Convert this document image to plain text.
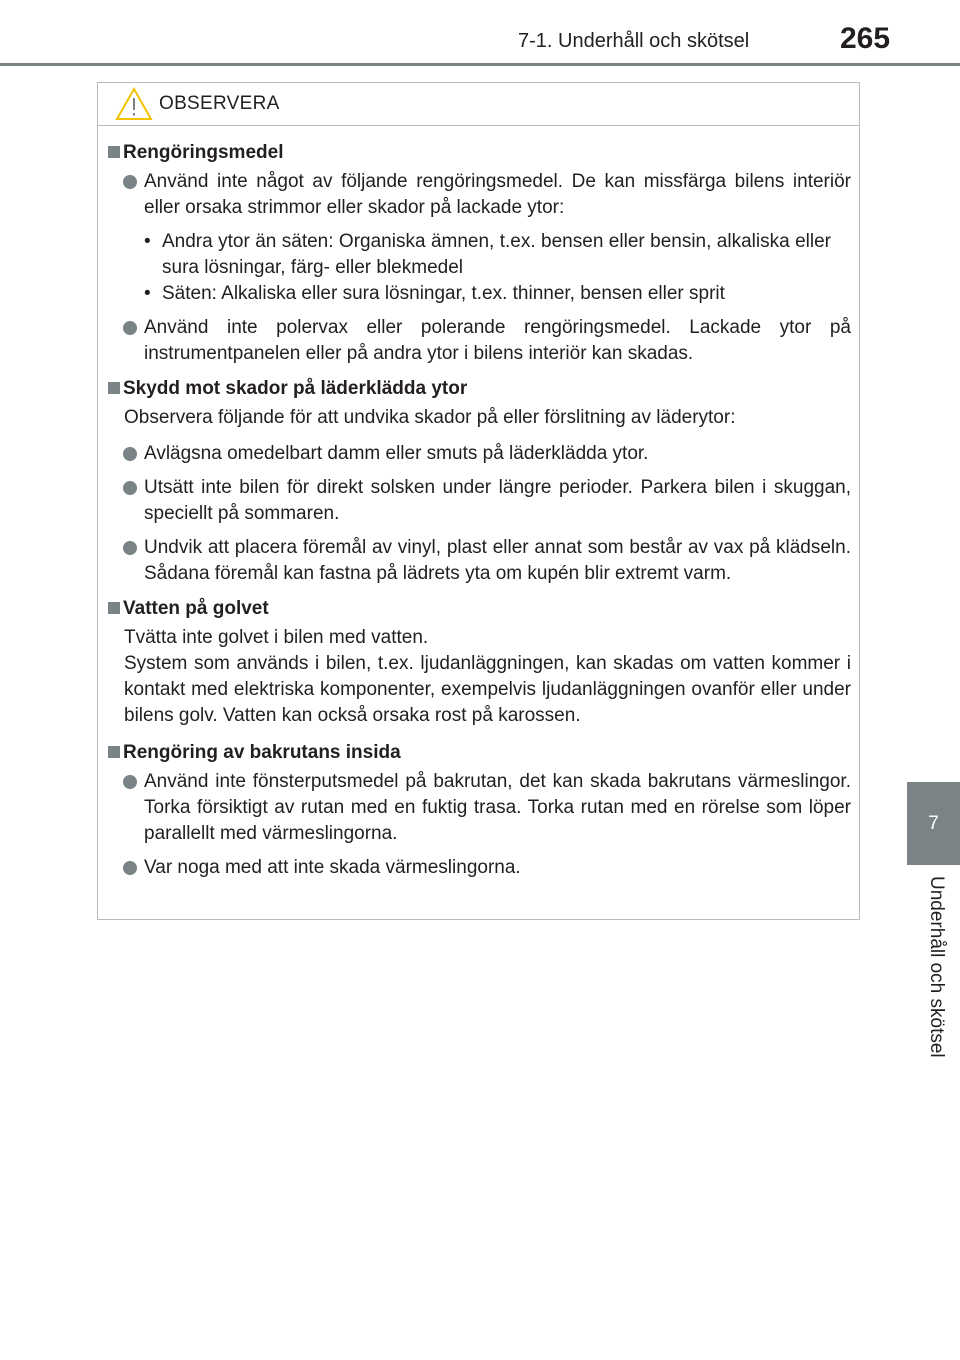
7-1. Underhåll och skötsel	265
7
Underhåll och skötsel
OBSERVERA
Rengöringsmedel
Använd inte något av följande rengöringsmedel. De kan missfärga bilens interiör eller orsaka strimmor eller skador på lackade ytor:
• Andra ytor än säten: Organiska ämnen, t.ex. bensen eller bensin, alkaliska eller sura lösningar, färg- eller blekmedel
• Säten: Alkaliska eller sura lösningar, t.ex. thinner, bensen eller sprit
Använd inte polervax eller polerande rengöringsmedel. Lackade ytor på instrumentpanelen eller på andra ytor i bilens interiör kan skadas.
Skydd mot skador på läderklädda ytor
Observera följande för att undvika skador på eller förslitning av läderytor:
Avlägsna omedelbart damm eller smuts på läderklädda ytor.
Utsätt inte bilen för direkt solsken under längre perioder. Parkera bilen i skuggan, speciellt på sommaren.
Undvik att placera föremål av vinyl, plast eller annat som består av vax på klädseln. Sådana föremål kan fastna på lädrets yta om kupén blir extremt varm.
Vatten på golvet
Tvätta inte golvet i bilen med vatten.
System som används i bilen, t.ex. ljudanläggningen, kan skadas om vatten kommer i kontakt med elektriska komponenter, exempelvis ljudanläggningen ovanför eller under bilens golv. Vatten kan också orsaka rost på karossen.
Rengöring av bakrutans insida
Använd inte fönsterputsmedel på bakrutan, det kan skada bakrutans värmeslingor. Torka försiktigt av rutan med en fuktig trasa. Torka rutan med en rörelse som löper parallellt med värmeslingorna.
Var noga med att inte skada värmeslingorna.
